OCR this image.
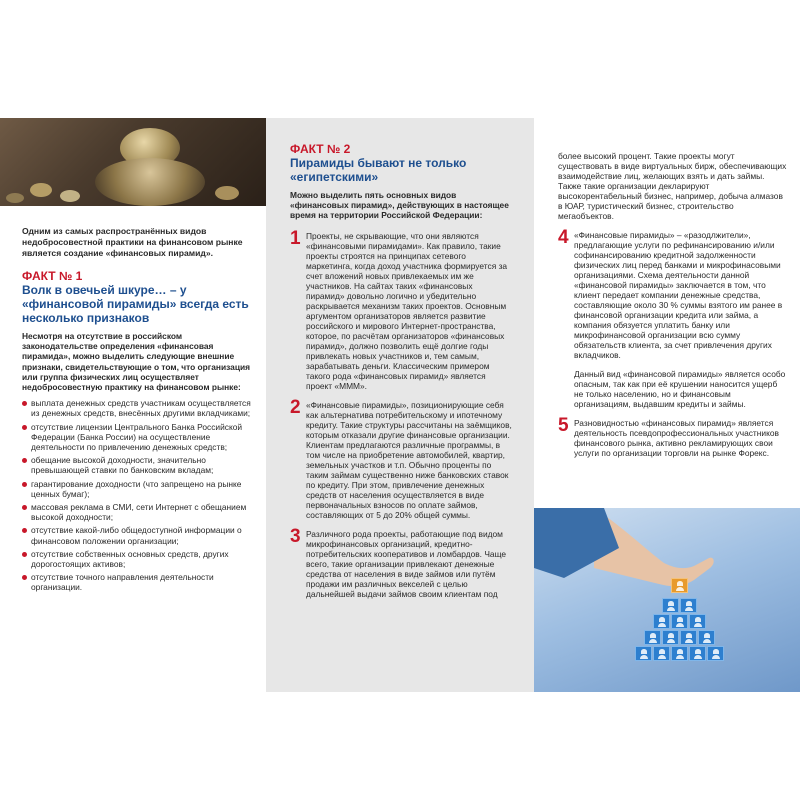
Одним из самых распространённых видов недобросовестной практики на финансовом рынке является создание «финансовых пирамид».

ФАКТ № 1
Волк в овечьей шкуре… – у «финансовой пирамиды» всегда есть несколько признаков
Несмотря на отсутствие в российском законодательстве определения «финансовая пирамида», можно выделить следующие внешние признаки, свидетельствующие о том, что организация или группа физических лиц осуществляет недобросовестную практику на финансовом рынке:
выплата денежных средств участникам осуществляется из денежных средств, внесённых другими вкладчиками;
отсутствие лицензии Центрального Банка Российской Федерации (Банка России) на осуществление деятельности по привлечению денежных средств;
обещание высокой доходности, значительно превышающей ставки по банковским вкладам;
гарантирование доходности (что запрещено на рынке ценных бумаг);
массовая реклама в СМИ, сети Интернет с обещанием высокой доходности;
отсутствие какой-либо общедоступной информации о финансовом положении организации;
отсутствие собственных основных средств, других дорогостоящих активов;
отсутствие точного направления деятельности организации.
ФАКТ № 2
Пирамиды бывают не только «египетскими»
Можно выделить пять основных видов «финансовых пирамид», действующих в настоящее время на территории Российской Федерации:
1 Проекты, не скрывающие, что они являются «финансовыми пирамидами». Как правило, такие проекты строятся на принципах сетевого маркетинга, когда доход участника формируется за счет вложений новых привлекаемых им же участников. На сайтах таких «финансовых пирамид» довольно логично и убедительно раскрывается механизм таких проектов. Основным аргументом организаторов является развитие российского и мирового Интернет-пространства, которое, по расчётам организаторов «финансовых пирамид», должно позволить ещё долгие годы привлекать новых участников и, тем самым, зарабатывать деньги. Классическим примером такого рода «финансовых пирамид» является проект «МММ».
2 «Финансовые пирамиды», позиционирующие себя как альтернатива потребительскому и ипотечному кредиту. Такие структуры рассчитаны на заёмщиков, которым отказали другие финансовые организации. Клиентам предлагаются различные программы, в том числе на приобретение автомобилей, квартир, земельных участков и т.п. Обычно проценты по таким займам существенно ниже банковских ставок по кредиту. При этом, привлечение денежных средств от населения осуществляется в виде первоначальных взносов по оплате займов, составляющих от 5 до 20% общей суммы.
3 Различного рода проекты, работающие под видом микрофинансовых организаций, кредитно-потребительских кооперативов и ломбардов. Чаще всего, такие организации привлекают денежные средства от населения в виде займов или путём продажи им различных векселей с целью дальнейшей выдачи займов своим клиентам под

более высокий процент. Такие проекты могут существовать в виде виртуальных бирж, обеспечивающих взаимодействие лиц, желающих взять и дать займы. Также такие организации декларируют высокорентабельный бизнес, например, добыча алмазов в ЮАР, туристический бизнес, строительство мегаобъектов.

4 «Финансовые пирамиды» – «разодлжители», предлагающие услуги по рефинансированию и/или софинансированию кредитной задолженности физических лиц перед банками и микрофинасовыми организациями. Схема деятельности данной «финансовой пирамиды» заключается в том, что клиент передает компании денежные средства, составляющие около 30 % суммы взятого им ранее в финансовой организации кредита или займа, а компания обязуется уплатить банку или микрофинансовой организации всю сумму обязательств клиента, за счет привлечения других вкладчиков.
Данный вид «финансовой пирамиды» является особо опасным, так как при её крушении наносится ущерб не только населению, но и финансовым организациям, выдавшим кредиты и займы.
5 Разновидностью «финансовых пирамид» является деятельность псевдопрофессиональных участников финансового рынка, активно рекламирующих свои услуги по организации торговли на рынке Форекс.
